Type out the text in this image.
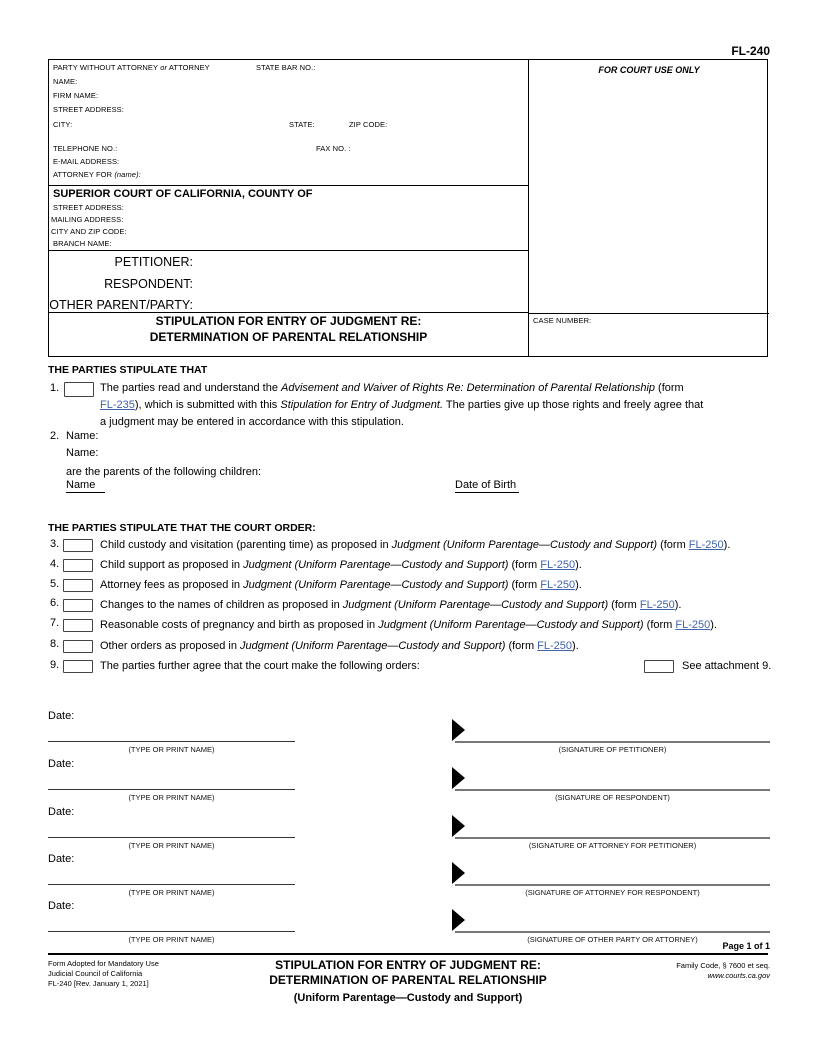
FL-240
PARTY WITHOUT ATTORNEY or ATTORNEY	STATE BAR NO.:
NAME:
FIRM NAME:
STREET ADDRESS:
CITY:	STATE:	ZIP CODE:
TELEPHONE NO.:	FAX NO. :
E-MAIL ADDRESS:
ATTORNEY FOR (name):
SUPERIOR COURT OF CALIFORNIA, COUNTY OF
STREET ADDRESS:
MAILING ADDRESS:
CITY AND ZIP CODE:
BRANCH NAME:
PETITIONER:
RESPONDENT:
OTHER PARENT/PARTY:
STIPULATION FOR ENTRY OF JUDGMENT RE:
DETERMINATION OF PARENTAL RELATIONSHIP
FOR COURT USE ONLY
CASE NUMBER:
THE PARTIES STIPULATE THAT
1.	The parties read and understand the Advisement and Waiver of Rights Re: Determination of Parental Relationship (form
FL-235), which is submitted with this Stipulation for Entry of Judgment. The parties give up those rights and freely agree that
a judgment may be entered in accordance with this stipulation.
2. Name:
Name:
are the parents of the following children:
Name	Date of Birth
THE PARTIES STIPULATE THAT THE COURT ORDER:
3.	Child custody and visitation (parenting time) as proposed in Judgment (Uniform Parentage—Custody and Support) (form FL-250).
4.	Child support as proposed in Judgment (Uniform Parentage—Custody and Support) (form FL-250).
5.	Attorney fees as proposed in Judgment (Uniform Parentage—Custody and Support) (form FL-250).
6.	Changes to the names of children as proposed in Judgment (Uniform Parentage—Custody and Support) (form FL-250).
7.	Reasonable costs of pregnancy and birth as proposed in Judgment (Uniform Parentage—Custody and Support) (form FL-250).
8.	Other orders as proposed in Judgment (Uniform Parentage—Custody and Support) (form FL-250).
9.	The parties further agree that the court make the following orders:	See attachment 9.
Date:
(TYPE OR PRINT NAME)	(SIGNATURE OF PETITIONER)
Date:
(TYPE OR PRINT NAME)	(SIGNATURE OF RESPONDENT)
Date:
(TYPE OR PRINT NAME)	(SIGNATURE OF ATTORNEY FOR PETITIONER)
Date:
(TYPE OR PRINT NAME)	(SIGNATURE OF ATTORNEY FOR RESPONDENT)
Date:
(TYPE OR PRINT NAME)	(SIGNATURE OF OTHER PARTY OR ATTORNEY)
Page 1 of 1
Form Adopted for Mandatory Use
Judicial Council of California
FL-240 [Rev. January 1, 2021]
STIPULATION FOR ENTRY OF JUDGMENT RE:
DETERMINATION OF PARENTAL RELATIONSHIP
(Uniform Parentage—Custody and Support)
Family Code, § 7600 et seq.
www.courts.ca.gov
